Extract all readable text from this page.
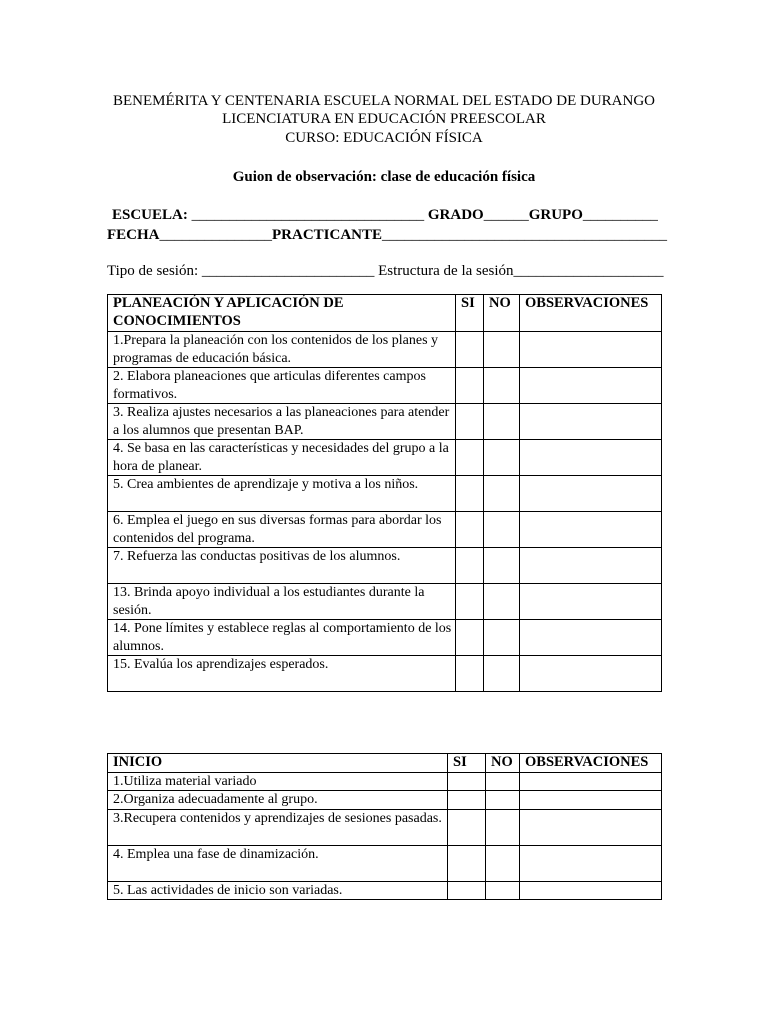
BENEMÉRITA Y CENTENARIA ESCUELA NORMAL DEL ESTADO DE DURANGO
LICENCIATURA EN EDUCACIÓN PREESCOLAR
CURSO: EDUCACIÓN FÍSICA
Guion de observación: clase de educación física
ESCUELA: _______________________________ GRADO______GRUPO__________
FECHA_______________PRACTICANTE______________________________________
Tipo de sesión: _______________________ Estructura de la sesión____________________
PLANEACIÓN Y APLICACIÓN DE CONOCIMIENTOS	SI	NO	OBSERVACIONES
1.Prepara la planeación con los contenidos de los planes y programas de educación básica.			
2. Elabora planeaciones que articulas diferentes campos formativos.			
3. Realiza ajustes necesarios a las planeaciones para atender a los alumnos que presentan BAP.			
4. Se basa en las características y necesidades del grupo a la hora de planear.			
5. Crea ambientes de aprendizaje y motiva a los niños.			
6. Emplea el juego en sus diversas formas para abordar los contenidos del programa.			
7. Refuerza las conductas positivas de los alumnos.			
13. Brinda apoyo individual a los estudiantes durante la sesión.			
14. Pone límites y establece reglas al comportamiento de los alumnos.			
15. Evalúa los aprendizajes esperados.			
INICIO	SI	NO	OBSERVACIONES
1.Utiliza material variado			
2.Organiza adecuadamente al grupo.			
3.Recupera contenidos y aprendizajes de sesiones pasadas.			
4. Emplea una fase de dinamización.			
5. Las actividades de inicio son variadas.			
